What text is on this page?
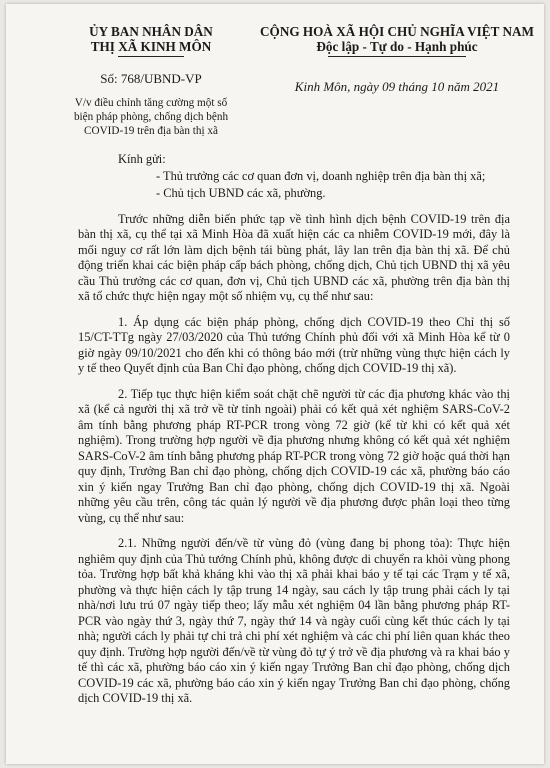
ỦY BAN NHÂN DÂN
THỊ XÃ KINH MÔN
Số: 768/UBND-VP
V/v điều chỉnh tăng cường một số
biện pháp phòng, chống dịch bệnh
COVID-19 trên địa bàn thị xã
CỘNG HOÀ XÃ HỘI CHỦ NGHĨA VIỆT NAM
Độc lập - Tự do - Hạnh phúc
Kinh Môn, ngày 09 tháng 10 năm 2021

Kính gửi:

- Thủ trưởng các cơ quan đơn vị, doanh nghiệp trên địa bàn thị xã;
- Chủ tịch UBND các xã, phường.

Trước những diễn biến phức tạp về tình hình dịch bệnh COVID-19 trên địa bàn thị xã, cụ thể tại xã Minh Hòa đã xuất hiện các ca nhiễm COVID-19 mới, đây là mối nguy cơ rất lớn làm dịch bệnh tái bùng phát, lây lan trên địa bàn thị xã. Để chủ động triển khai các biện pháp cấp bách phòng, chống dịch, Chủ tịch UBND thị xã yêu cầu Thủ trưởng các cơ quan, đơn vị, Chủ tịch UBND các xã, phường trên địa bàn thị xã tổ chức thực hiện ngay một số nhiệm vụ, cụ thể như sau:

1. Áp dụng các biện pháp phòng, chống dịch COVID-19 theo Chỉ thị số 15/CT-TTg ngày 27/03/2020 của Thủ tướng Chính phủ đối với xã Minh Hòa kể từ 0 giờ ngày 09/10/2021 cho đến khi có thông báo mới (trừ những vùng thực hiện cách ly y tế theo Quyết định của Ban Chỉ đạo phòng, chống dịch COVID-19 thị xã).

2. Tiếp tục thực hiện kiểm soát chặt chẽ người từ các địa phương khác vào thị xã (kể cả người thị xã trở về từ tỉnh ngoài) phải có kết quả xét nghiệm SARS-CoV-2 âm tính bằng phương pháp RT-PCR trong vòng 72 giờ (kể từ khi có kết quả xét nghiệm). Trong trường hợp người về địa phương nhưng không có kết quả xét nghiệm SARS-CoV-2 âm tính bằng phương pháp RT-PCR trong vòng 72 giờ hoặc quá thời hạn quy định, Trưởng Ban chỉ đạo phòng, chống dịch COVID-19 các xã, phường báo cáo xin ý kiến ngay Trưởng Ban chỉ đạo phòng, chống dịch COVID-19 thị xã. Ngoài những yêu cầu trên, công tác quản lý người về địa phương được phân loại theo từng vùng, cụ thể như sau:

2.1. Những người đến/về từ vùng đỏ (vùng đang bị phong tỏa): Thực hiện nghiêm quy định của Thủ tướng Chính phủ, không được di chuyển ra khỏi vùng phong tỏa. Trường hợp bất khả kháng khi vào thị xã phải khai báo y tế tại các Trạm y tế xã, phường và thực hiện cách ly tập trung 14 ngày, sau cách ly tập trung phải cách ly tại nhà/nơi lưu trú 07 ngày tiếp theo; lấy mẫu xét nghiệm 04 lần bằng phương pháp RT-PCR vào ngày thứ 3, ngày thứ 7, ngày thứ 14 và ngày cuối cùng kết thúc cách ly tại nhà; người cách ly phải tự chi trả chi phí xét nghiệm và các chi phí liên quan khác theo quy định. Trường hợp người đến/về từ vùng đỏ tự ý trở về địa phương và ra khai báo y tế thì các xã, phường báo cáo xin ý kiến ngay Trưởng Ban chỉ đạo phòng, chống dịch COVID-19 các xã, phường báo cáo xin ý kiến ngay Trưởng Ban chỉ đạo phòng, chống dịch COVID-19 thị xã.
